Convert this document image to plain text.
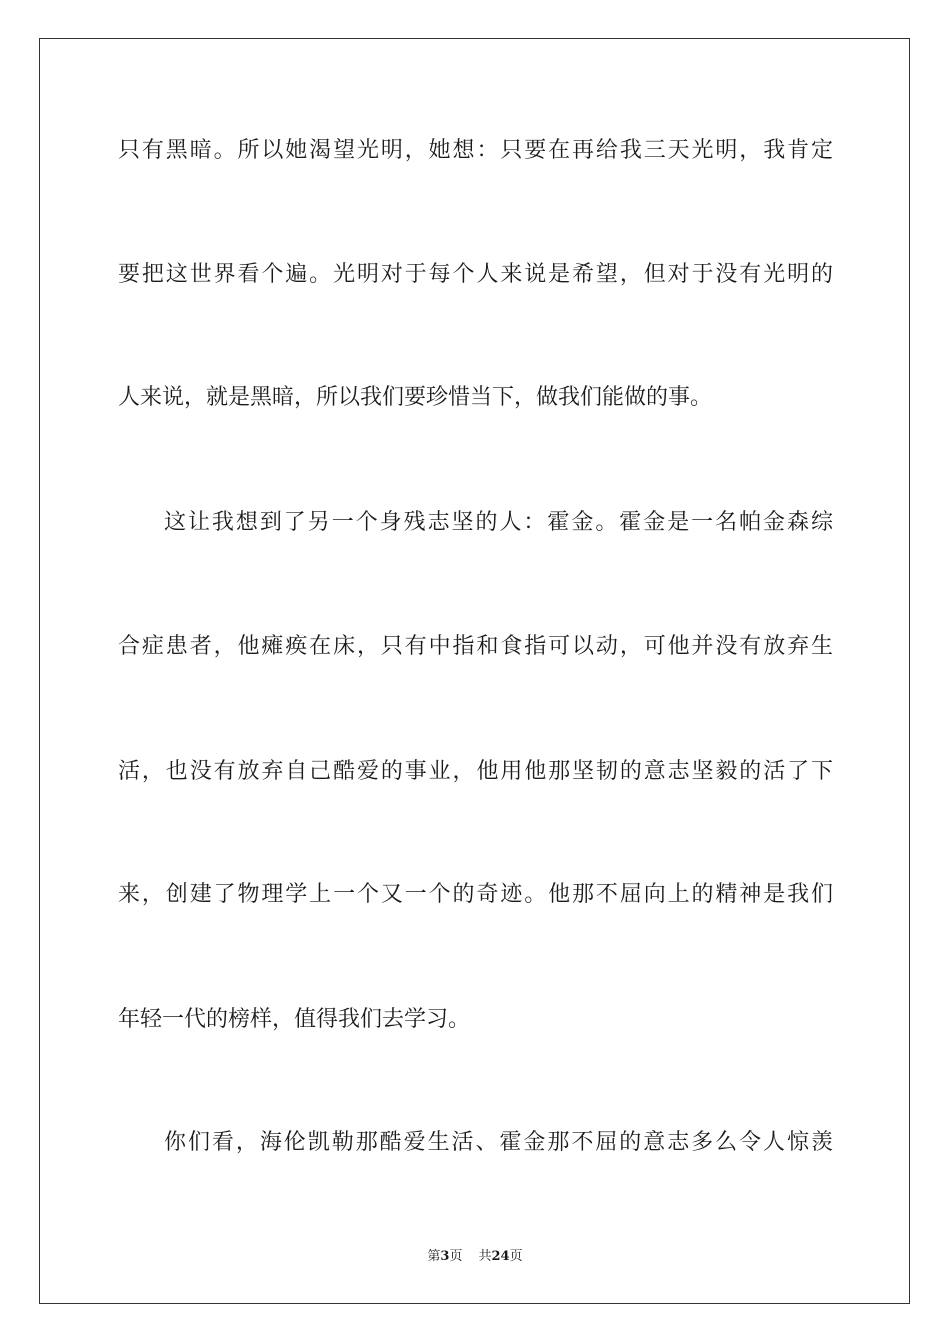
只有黑暗。所以她渴望光明，她想：只要在再给我三天光明，我肯定
要把这世界看个遍。光明对于每个人来说是希望，但对于没有光明的
人来说，就是黑暗，所以我们要珍惜当下，做我们能做的事。
这让我想到了另一个身残志坚的人：霍金。霍金是一名帕金森综
合症患者，他瘫痪在床，只有中指和食指可以动，可他并没有放弃生
活，也没有放弃自己酷爱的事业，他用他那坚韧的意志坚毅的活了下
来，创建了物理学上一个又一个的奇迹。他那不屈向上的精神是我们
年轻一代的榜样，值得我们去学习。
你们看，海伦凯勒那酷爱生活、霍金那不屈的意志多么令人惊羡
第3页 共24页
